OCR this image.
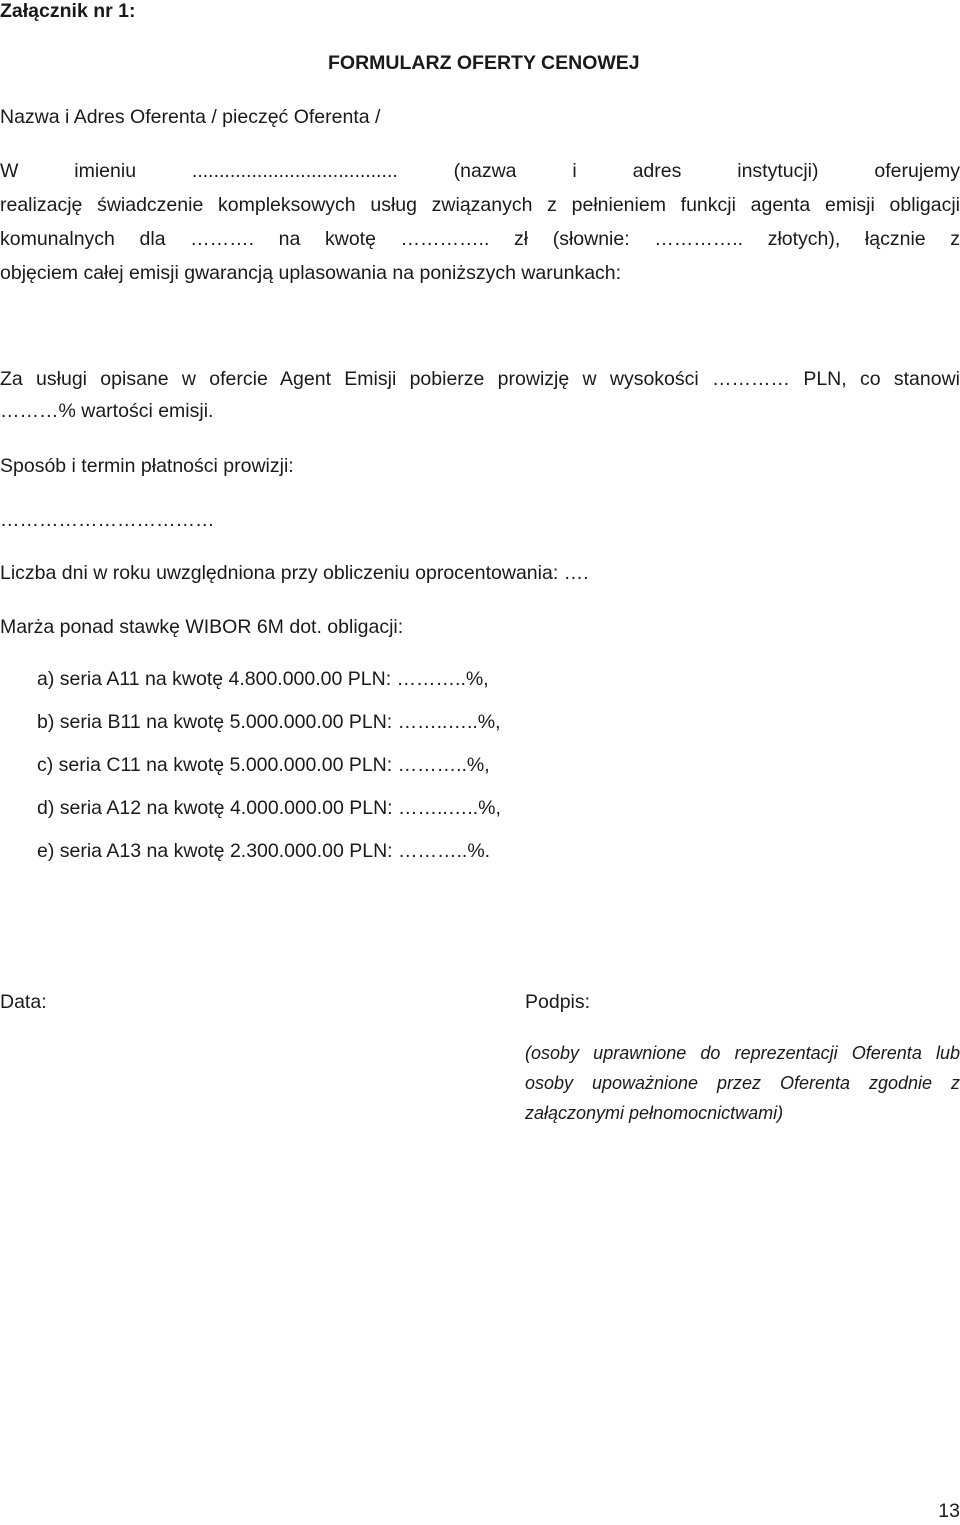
Załącznik nr 1:
FORMULARZ OFERTY CENOWEJ
Nazwa i Adres Oferenta / pieczęć Oferenta /
W imieniu ...................................... (nazwa i adres instytucji) oferujemy
realizację świadczenie kompleksowych usług związanych z pełnieniem funkcji agenta emisji obligacji
komunalnych dla ………. na kwotę ………….. zł (słownie: ………….. złotych), łącznie z
objęciem całej emisji gwarancją uplasowania na poniższych warunkach:
Za usługi opisane w ofercie Agent Emisji pobierze prowizję w wysokości ………… PLN, co stanowi
………% wartości emisji.
Sposób i termin płatności prowizji:
……………………………
Liczba dni w roku uwzględniona przy obliczeniu oprocentowania: ….
Marża ponad stawkę WIBOR 6M dot. obligacji:
a) seria A11 na kwotę 4.800.000.00 PLN: ………..%,
b) seria B11 na kwotę 5.000.000.00 PLN: ……..…..%,
c) seria C11 na kwotę 5.000.000.00 PLN: ………..%,
d) seria A12 na kwotę 4.000.000.00 PLN: ……..…..%,
e) seria A13 na kwotę 2.300.000.00 PLN: ………..%.
Data:	Podpis:
(osoby uprawnione do reprezentacji Oferenta lub
osoby upoważnione przez Oferenta zgodnie z
załączonymi pełnomocnictwami)
13
